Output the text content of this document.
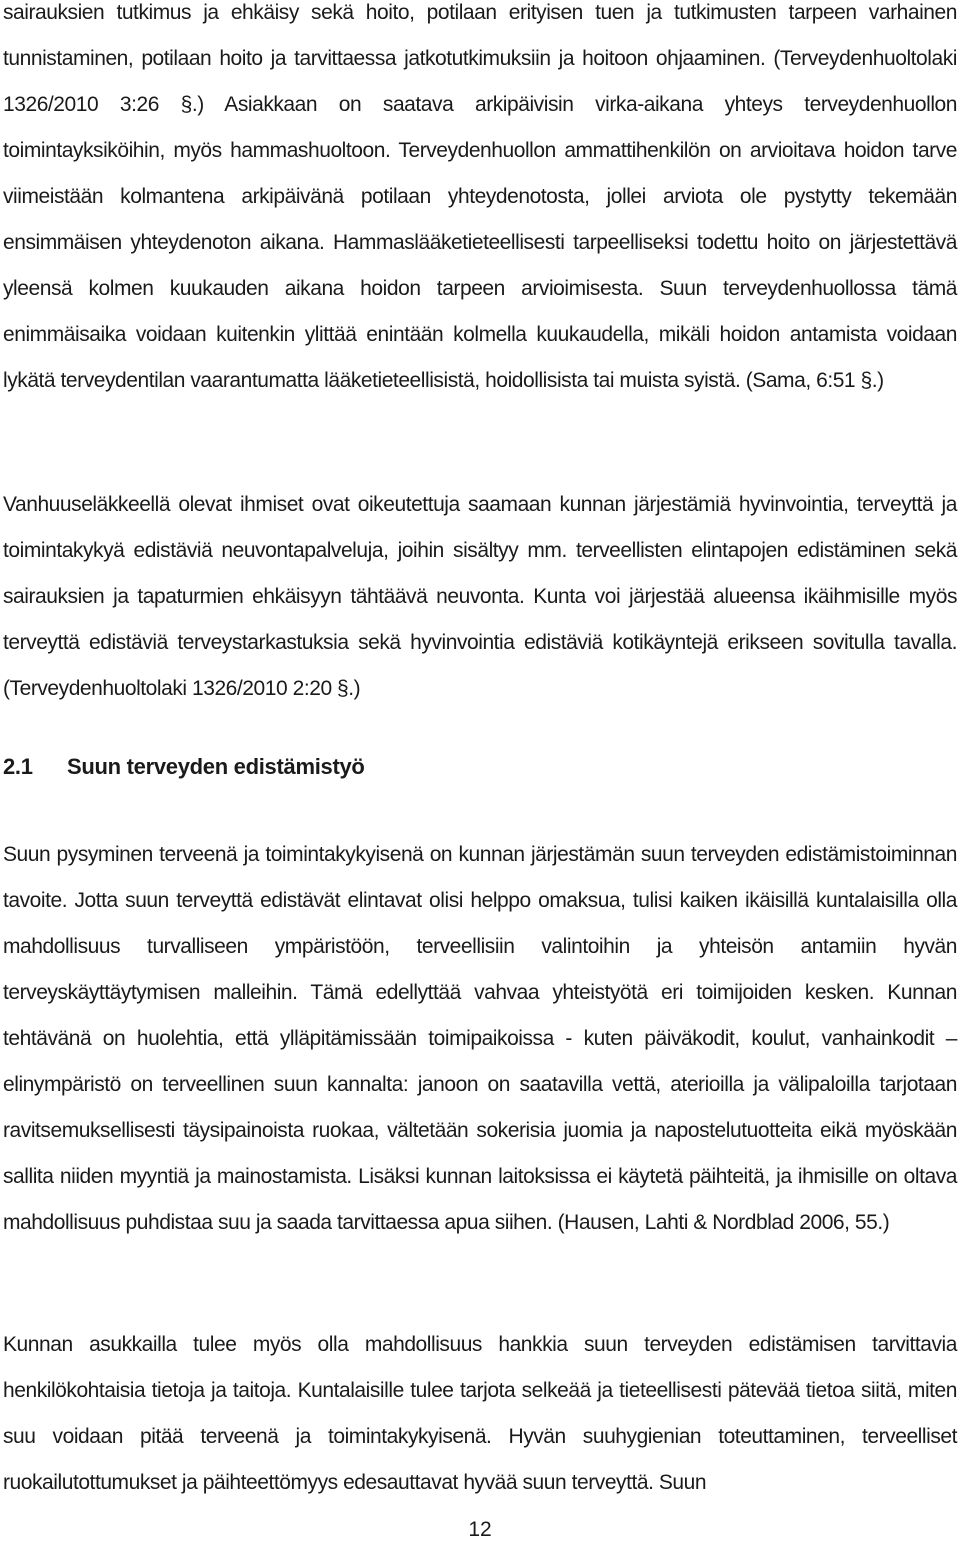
sairauksien tutkimus ja ehkäisy sekä hoito, potilaan erityisen tuen ja tutkimusten tarpeen varhainen tunnistaminen, potilaan hoito ja tarvittaessa jatkotutkimuksiin ja hoitoon ohjaaminen. (Terveydenhuoltolaki 1326/2010 3:26 §.) Asiakkaan on saatava arkipäivisin virka-aikana yhteys terveydenhuollon toimintayksiköihin, myös hammashuoltoon. Terveydenhuollon ammattihenkilön on arvioitava hoidon tarve viimeistään kolmantena arkipäivänä potilaan yhteydenotosta, jollei arviota ole pystytty tekemään ensimmäisen yhteydenoton aikana. Hammaslääketieteellisesti tarpeelliseksi todettu hoito on järjestettävä yleensä kolmen kuukauden aikana hoidon tarpeen arvioimisesta. Suun terveydenhuollossa tämä enimmäisaika voidaan kuitenkin ylittää enintään kolmella kuukaudella, mikäli hoidon antamista voidaan lykätä terveydentilan vaarantumatta lääketieteellisistä, hoidollisista tai muista syistä. (Sama, 6:51 §.)

Vanhuuseläkkeellä olevat ihmiset ovat oikeutettuja saamaan kunnan järjestämiä hyvinvointia, terveyttä ja toimintakykyä edistäviä neuvontapalveluja, joihin sisältyy mm. terveellisten elintapojen edistäminen sekä sairauksien ja tapaturmien ehkäisyyn tähtäävä neuvonta. Kunta voi järjestää alueensa ikäihmisille myös terveyttä edistäviä terveystarkastuksia sekä hyvinvointia edistäviä kotikäyntejä erikseen sovitulla tavalla. (Terveydenhuoltolaki 1326/2010 2:20 §.)

2.1 Suun terveyden edistämistyö

Suun pysyminen terveenä ja toimintakykyisenä on kunnan järjestämän suun terveyden edistämistoiminnan tavoite. Jotta suun terveyttä edistävät elintavat olisi helppo omaksua, tulisi kaiken ikäisillä kuntalaisilla olla mahdollisuus turvalliseen ympäristöön, terveellisiin valintoihin ja yhteisön antamiin hyvän terveyskäyttäytymisen malleihin. Tämä edellyttää vahvaa yhteistyötä eri toimijoiden kesken. Kunnan tehtävänä on huolehtia, että ylläpitämissään toimipaikoissa - kuten päiväkodit, koulut, vanhainkodit – elinympäristö on terveellinen suun kannalta: janoon on saatavilla vettä, aterioilla ja välipaloilla tarjotaan ravitsemuksellisesti täysipainoista ruokaa, vältetään sokerisia juomia ja napostelutuotteita eikä myöskään sallita niiden myyntiä ja mainostamista. Lisäksi kunnan laitoksissa ei käytetä päihteitä, ja ihmisille on oltava mahdollisuus puhdistaa suu ja saada tarvittaessa apua siihen. (Hausen, Lahti & Nordblad 2006, 55.)

Kunnan asukkailla tulee myös olla mahdollisuus hankkia suun terveyden edistämisen tarvittavia henkilökohtaisia tietoja ja taitoja. Kuntalaisille tulee tarjota selkeää ja tieteellisesti pätevää tietoa siitä, miten suu voidaan pitää terveenä ja toimintakykyisenä. Hyvän suuhygienian toteuttaminen, terveelliset ruokailutottumukset ja päihteettömyys edesauttavat hyvää suun terveyttä. Suun

12
